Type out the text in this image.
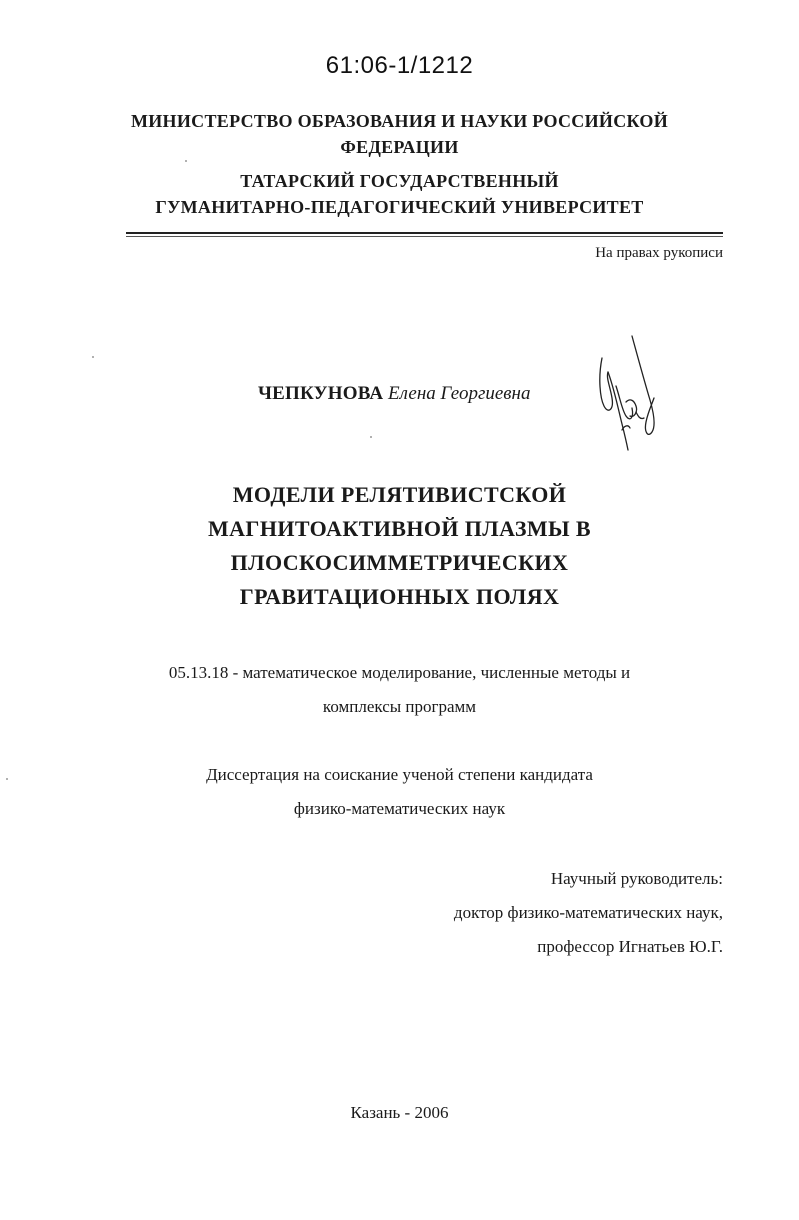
61:06-1/1212
МИНИСТЕРСТВО ОБРАЗОВАНИЯ И НАУКИ РОССИЙСКОЙ
ФЕДЕРАЦИИ
ТАТАРСКИЙ ГОСУДАРСТВЕННЫЙ
ГУМАНИТАРНО-ПЕДАГОГИЧЕСКИЙ УНИВЕРСИТЕТ
На правах рукописи
ЧЕПКУНОВА Елена Георгиевна
МОДЕЛИ РЕЛЯТИВИСТСКОЙ
МАГНИТОАКТИВНОЙ ПЛАЗМЫ В
ПЛОСКОСИММЕТРИЧЕСКИХ
ГРАВИТАЦИОННЫХ ПОЛЯХ
05.13.18 - математическое моделирование, численные методы и
комплексы программ
Диссертация на соискание ученой степени кандидата
физико-математических наук
Научный руководитель:
доктор физико-математических наук,
профессор Игнатьев Ю.Г.
Казань - 2006
